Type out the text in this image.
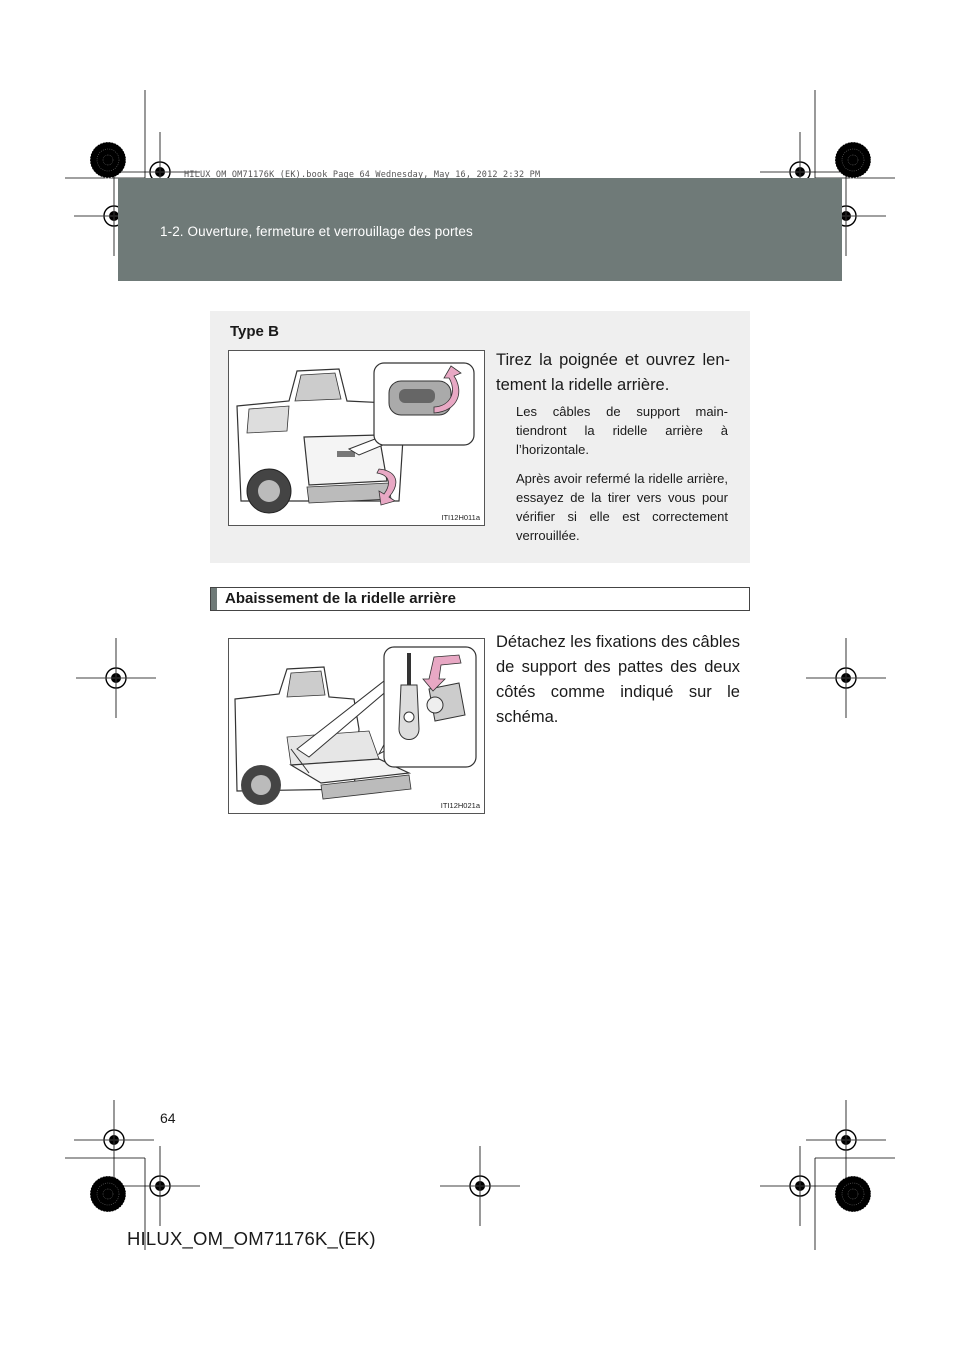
1-2. Ouverture, fermeture et verrouillage des portes
HILUX_OM_OM71176K_(EK).book Page 64 Wednesday, May 16, 2012 2:32 PM
Type B
ITI12H011a
Tirez la poignée et ouvrez len-tement la ridelle arrière.
Les câbles de support main-tiendront la ridelle arrière à l’horizontale.
Après avoir refermé la ridelle arrière, essayez de la tirer vers vous pour vérifier si elle est correctement verrouillée.
Abaissement de la ridelle arrière
ITI12H021a
Détachez les fixations des câbles de support des pattes des deux côtés comme indiqué sur le schéma.
64
HILUX_OM_OM71176K_(EK)
